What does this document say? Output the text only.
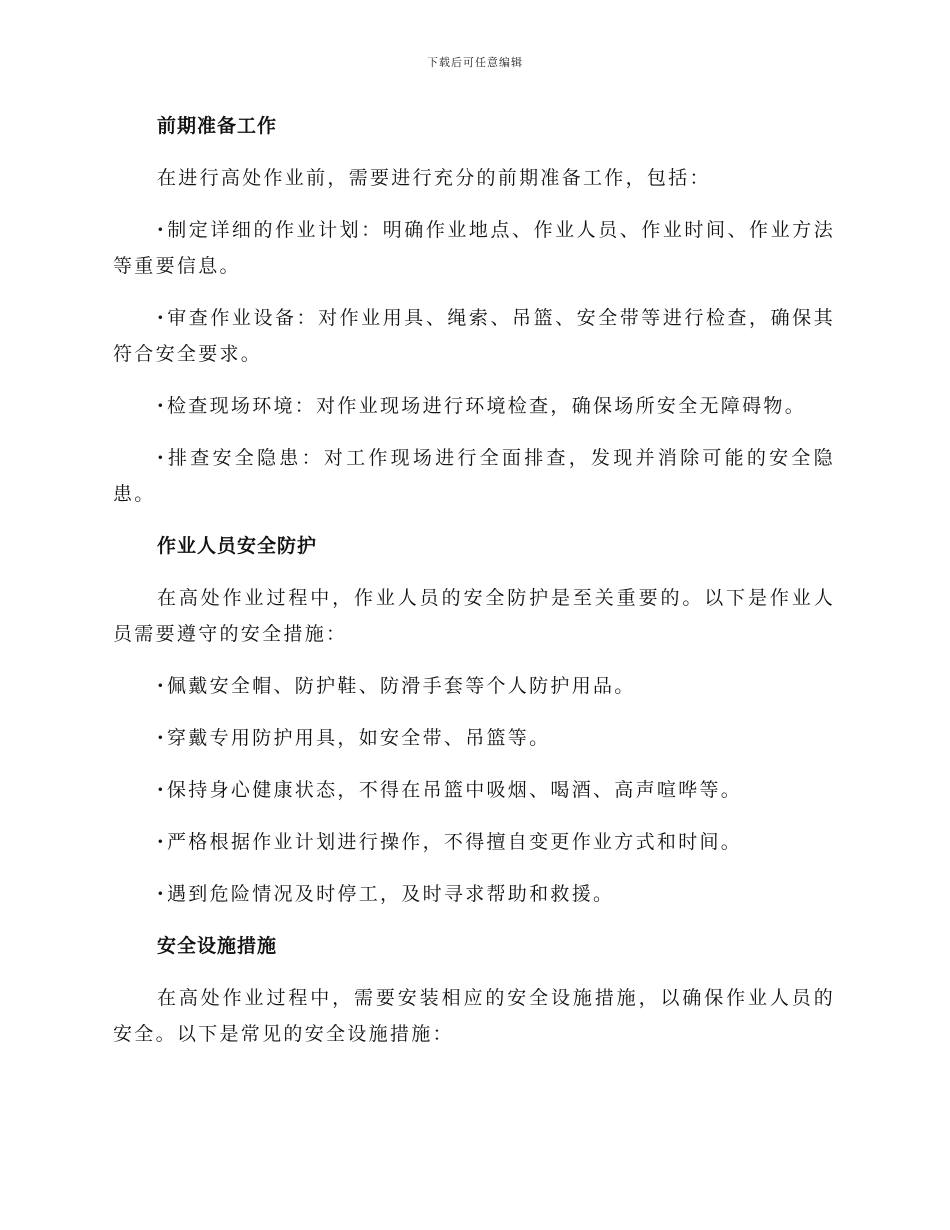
下载后可任意编辑

前期准备工作

在进行高处作业前，需要进行充分的前期准备工作，包括：

·制定详细的作业计划：明确作业地点、作业人员、作业时间、作业方法等重要信息。

·审查作业设备：对作业用具、绳索、吊篮、安全带等进行检查，确保其符合安全要求。

·检查现场环境：对作业现场进行环境检查，确保场所安全无障碍物。

·排查安全隐患：对工作现场进行全面排查，发现并消除可能的安全隐患。

作业人员安全防护

在高处作业过程中，作业人员的安全防护是至关重要的。以下是作业人员需要遵守的安全措施：

·佩戴安全帽、防护鞋、防滑手套等个人防护用品。

·穿戴专用防护用具，如安全带、吊篮等。

·保持身心健康状态，不得在吊篮中吸烟、喝酒、高声喧哗等。

·严格根据作业计划进行操作，不得擅自变更作业方式和时间。

·遇到危险情况及时停工，及时寻求帮助和救援。

安全设施措施

在高处作业过程中，需要安装相应的安全设施措施，以确保作业人员的安全。以下是常见的安全设施措施：
